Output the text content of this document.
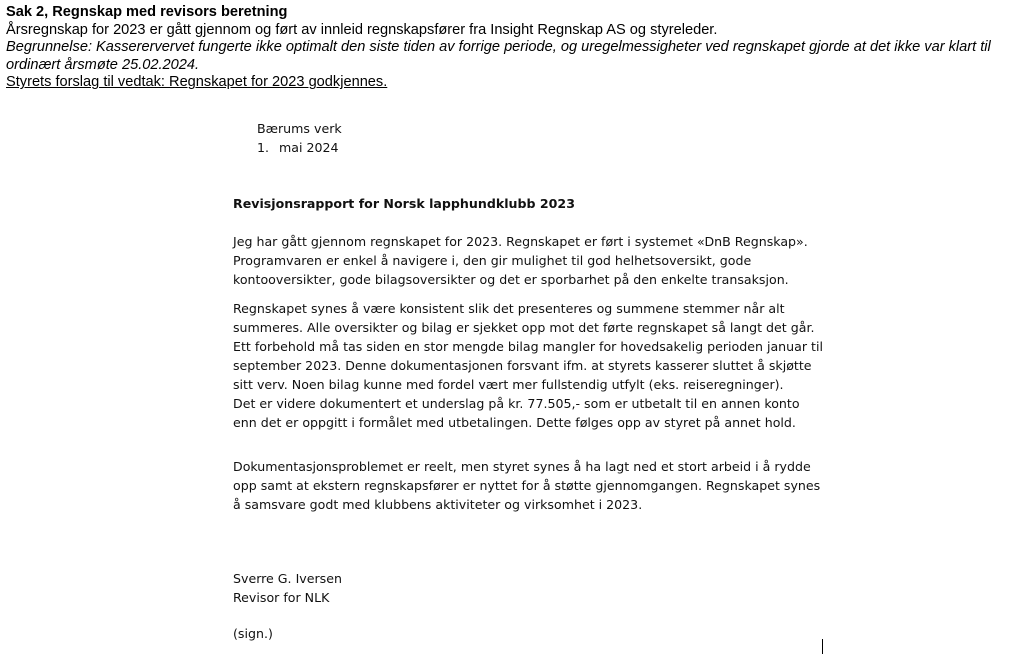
Sak 2, Regnskap med revisors beretning
Årsregnskap for 2023 er gått gjennom og ført av innleid regnskapsfører fra Insight Regnskap AS og styreleder.
Begrunnelse: Kasserervervet fungerte ikke optimalt den siste tiden av forrige periode, og uregelmessigheter ved regnskapet gjorde at det ikke var klart til ordinært årsmøte 25.02.2024.
Styrets forslag til vedtak: Regnskapet for 2023 godkjennes.
Bærums verk
1. mai 2024
Revisjonsrapport for Norsk lapphundklubb 2023
Jeg har gått gjennom regnskapet for 2023. Regnskapet er ført i systemet «DnB Regnskap».
Programvaren er enkel å navigere i, den gir mulighet til god helhetsoversikt, gode
kontooversikter, gode bilagsoversikter og det er sporbarhet på den enkelte transaksjon.
Regnskapet synes å være konsistent slik det presenteres og summene stemmer når alt
summeres. Alle oversikter og bilag er sjekket opp mot det førte regnskapet så langt det går.
Ett forbehold må tas siden en stor mengde bilag mangler for hovedsakelig perioden januar til
september 2023. Denne dokumentasjonen forsvant ifm. at styrets kasserer sluttet å skjøtte
sitt verv. Noen bilag kunne med fordel vært mer fullstendig utfylt (eks. reiseregninger).
Det er videre dokumentert et underslag på kr. 77.505,- som er utbetalt til en annen konto
enn det er oppgitt i formålet med utbetalingen. Dette følges opp av styret på annet hold.
Dokumentasjonsproblemet er reelt, men styret synes å ha lagt ned et stort arbeid i å rydde
opp samt at ekstern regnskapsfører er nyttet for å støtte gjennomgangen. Regnskapet synes
å samsvare godt med klubbens aktiviteter og virksomhet i 2023.
Sverre G. Iversen
Revisor for NLK
(sign.)
